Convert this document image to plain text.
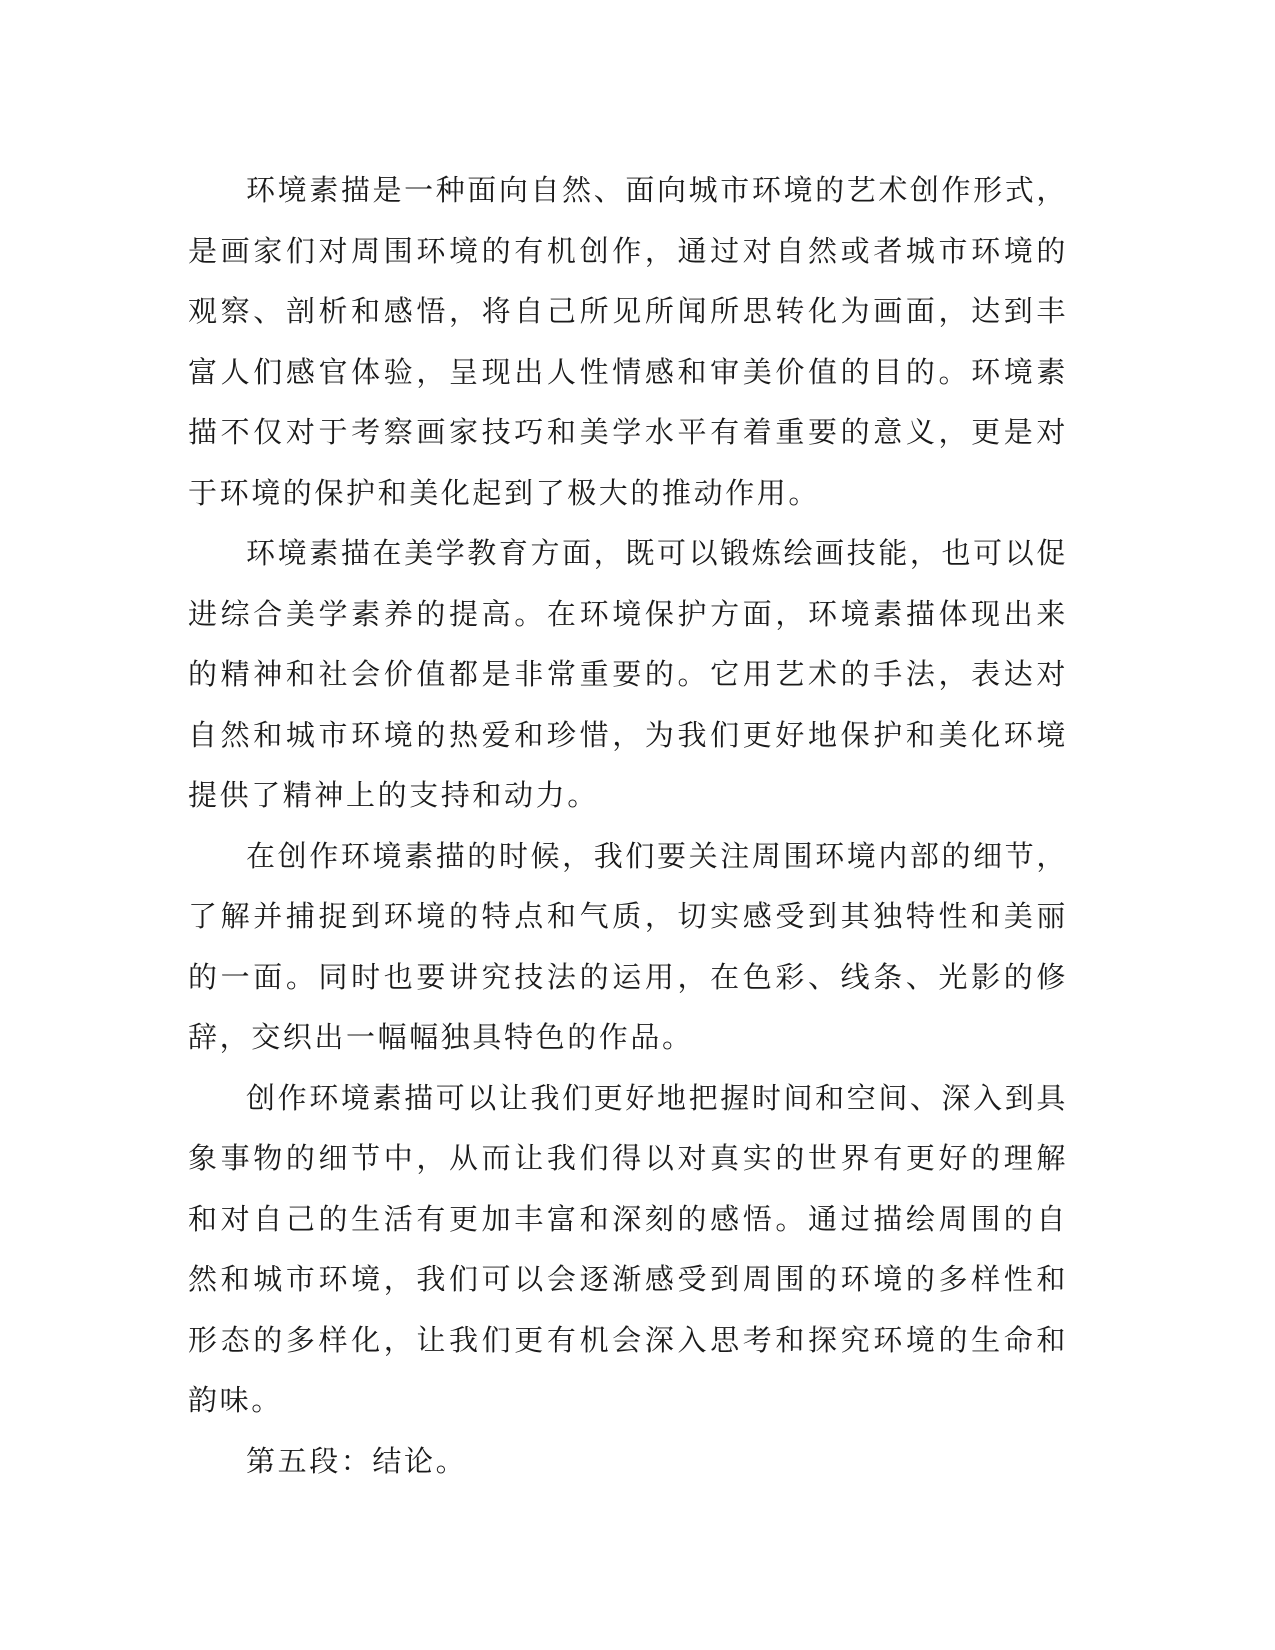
环境素描是一种面向自然、面向城市环境的艺术创作形式，是画家们对周围环境的有机创作，通过对自然或者城市环境的观察、剖析和感悟，将自己所见所闻所思转化为画面，达到丰富人们感官体验，呈现出人性情感和审美价值的目的。环境素描不仅对于考察画家技巧和美学水平有着重要的意义，更是对于环境的保护和美化起到了极大的推动作用。

环境素描在美学教育方面，既可以锻炼绘画技能，也可以促进综合美学素养的提高。在环境保护方面，环境素描体现出来的精神和社会价值都是非常重要的。它用艺术的手法，表达对自然和城市环境的热爱和珍惜，为我们更好地保护和美化环境提供了精神上的支持和动力。

在创作环境素描的时候，我们要关注周围环境内部的细节，了解并捕捉到环境的特点和气质，切实感受到其独特性和美丽的一面。同时也要讲究技法的运用，在色彩、线条、光影的修辞，交织出一幅幅独具特色的作品。

创作环境素描可以让我们更好地把握时间和空间、深入到具象事物的细节中，从而让我们得以对真实的世界有更好的理解和对自己的生活有更加丰富和深刻的感悟。通过描绘周围的自然和城市环境，我们可以会逐渐感受到周围的环境的多样性和形态的多样化，让我们更有机会深入思考和探究环境的生命和韵味。

第五段：结论。
